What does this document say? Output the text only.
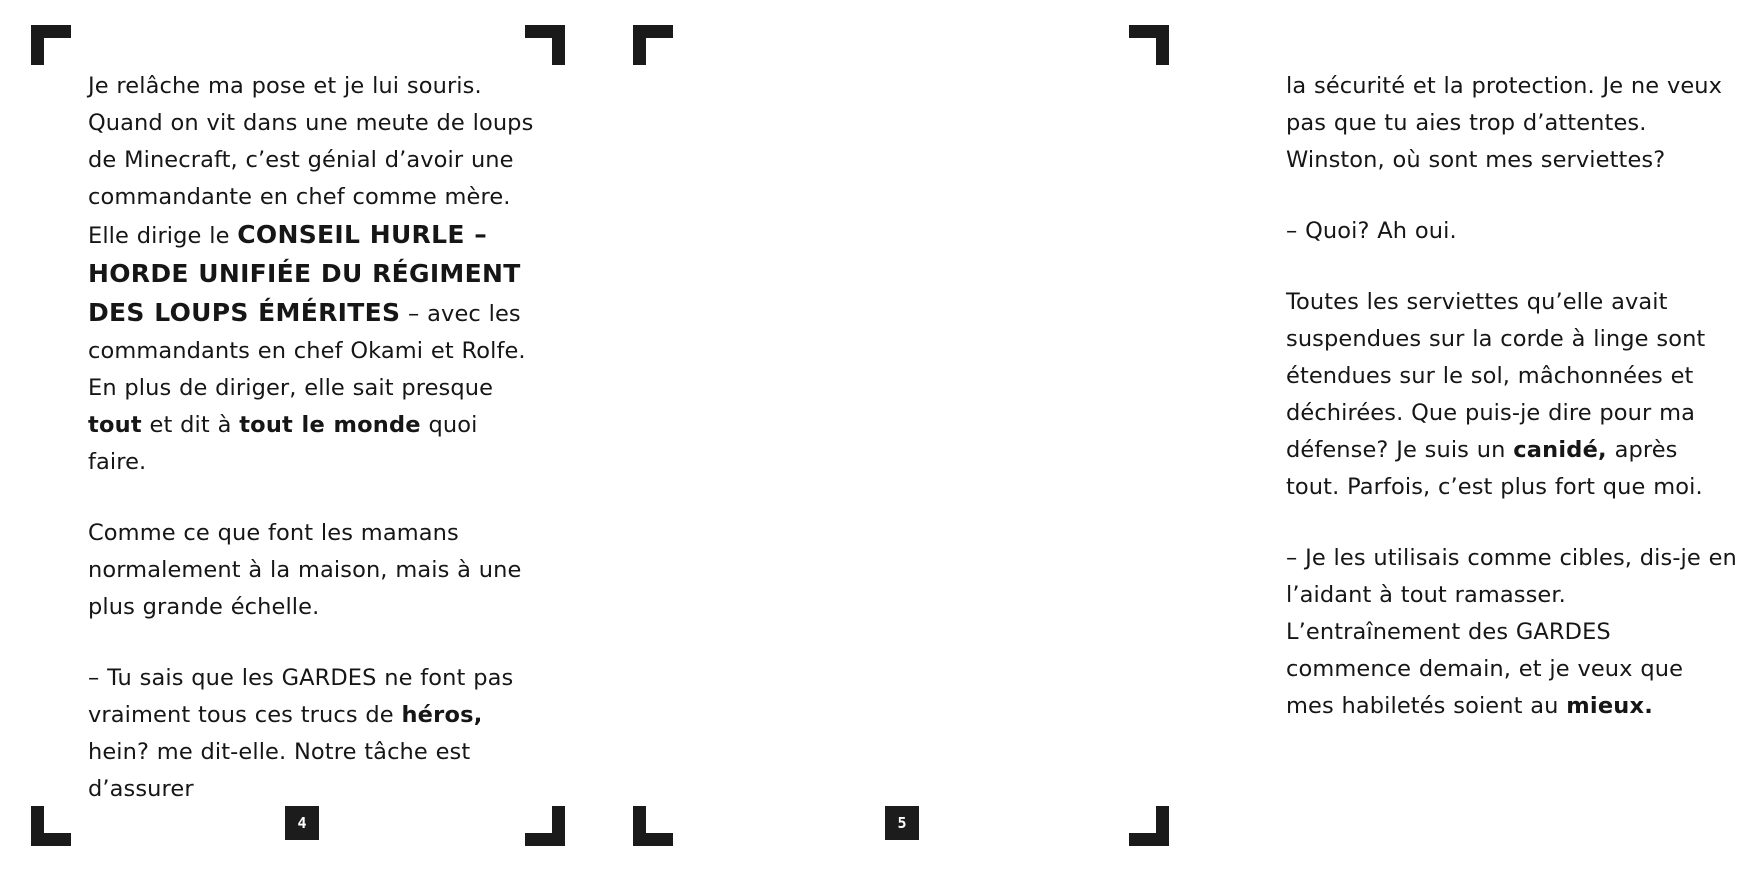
Je relâche ma pose et je lui souris. Quand on vit dans une meute de loups de Minecraft, c’est génial d’avoir une commandante en chef comme mère. Elle dirige le CONSEIL HURLE – HORDE UNIFIÉE DU RÉGIMENT DES LOUPS ÉMÉRITES – avec les commandants en chef Okami et Rolfe. En plus de diriger, elle sait presque tout et dit à tout le monde quoi faire.

Comme ce que font les mamans normalement à la maison, mais à une plus grande échelle.

– Tu sais que les GARDES ne font pas vraiment tous ces trucs de héros, hein? me dit-elle. Notre tâche est d’assurer

4

la sécurité et la protection. Je ne veux pas que tu aies trop d’attentes. Winston, où sont mes serviettes?

– Quoi? Ah oui.

Toutes les serviettes qu’elle avait suspendues sur la corde à linge sont étendues sur le sol, mâchonnées et déchirées. Que puis-je dire pour ma défense? Je suis un canidé, après tout. Parfois, c’est plus fort que moi.

– Je les utilisais comme cibles, dis-je en l’aidant à tout ramasser. L’entraînement des GARDES commence demain, et je veux que mes habiletés soient au mieux.

5
